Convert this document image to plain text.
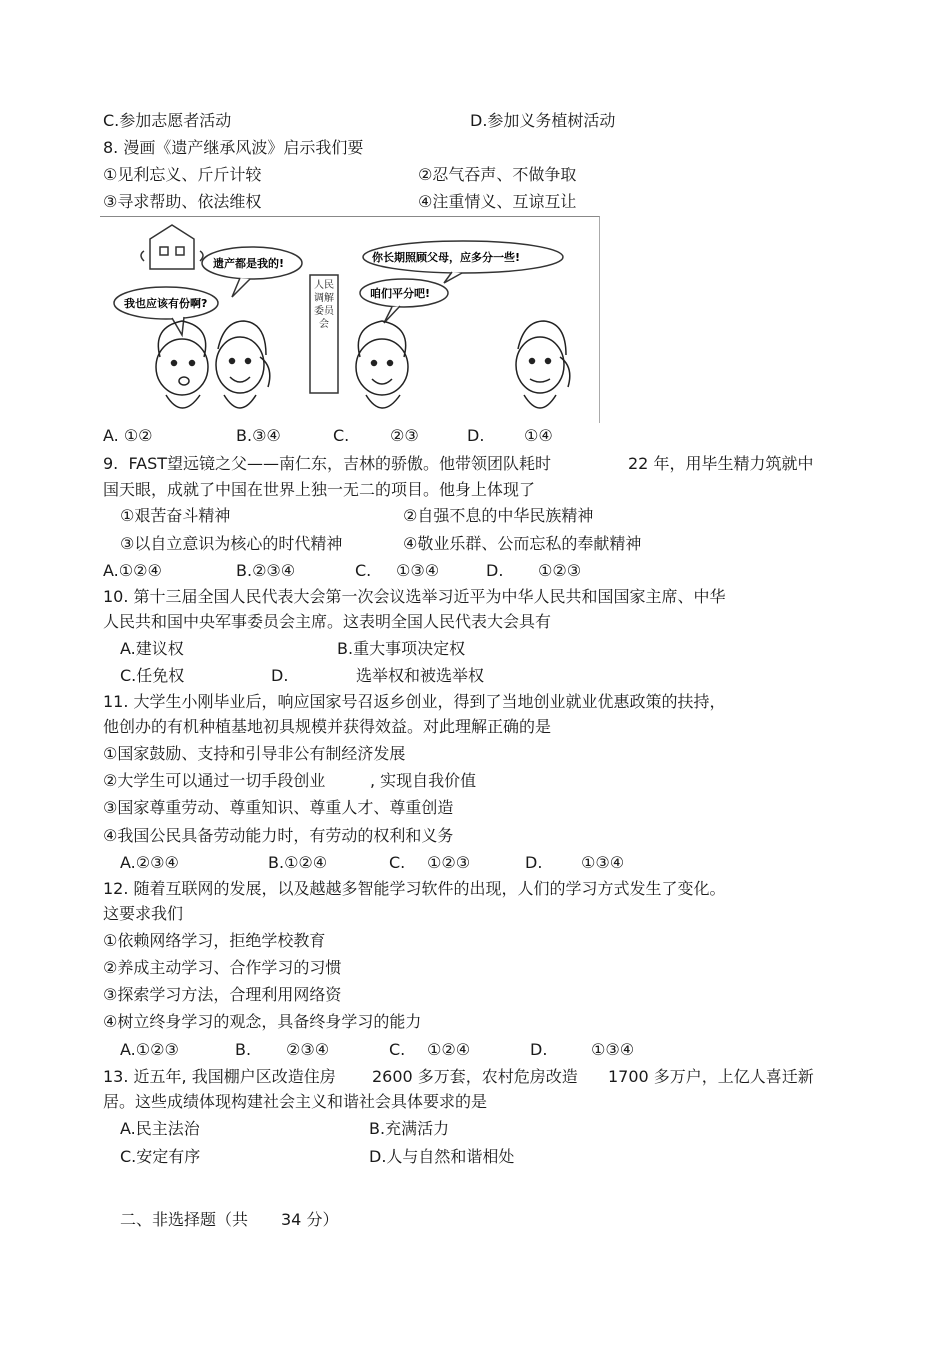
C.参加志愿者活动	D.参加义务植树活动
8. 漫画《遗产继承风波》启示我们要
①见利忘义、斤斤计较	②忍气吞声、不做争取
③寻求帮助、依法维权	④注重情义、互谅互让
遗产都是我的!
我也应该有份啊?
你长期照顾父母，应多分一些!
咱们平分吧!
人民调解委员会
A. ①②	B.③④	C.	②③	D. ①④
9.  FAST望远镜之父——南仁东，吉林的骄傲。他带领团队耗时	22 年，用毕生精力筑就中
国天眼，成就了中国在世界上独一无二的项目。他身上体现了
①艰苦奋斗精神	②自强不息的中华民族精神
③以自立意识为核心的时代精神	④敬业乐群、公而忘私的奉献精神
A.①②④	B.②③④	C. ①③④	D. ①②③
10. 第十三届全国人民代表大会第一次会议选举习近平为中华人民共和国国家主席、中华
人民共和国中央军事委员会主席。这表明全国人民代表大会具有
A.建议权	B.重大事项决定权
C.任免权	D.	选举权和被选举权
11. 大学生小刚毕业后，响应国家号召返乡创业，得到了当地创业就业优惠政策的扶持，
他创办的有机种植基地初具规模并获得效益。对此理解正确的是
①国家鼓励、支持和引导非公有制经济发展
②大学生可以通过一切手段创业	, 实现自我价值
③国家尊重劳动、尊重知识、尊重人才、尊重创造
④我国公民具备劳动能力时，有劳动的权利和义务
A.②③④	B.①②④	C. ①②③	D. ①③④
12. 随着互联网的发展，以及越越多智能学习软件的出现，人们的学习方式发生了变化。
这要求我们
①依赖网络学习，拒绝学校教育
②养成主动学习、合作学习的习惯
③探索学习方法，合理利用网络资
④树立终身学习的观念，具备终身学习的能力
A.①②③	B. ②③④	C. ①②④	D.	①③④
13. 近五年, 我国棚户区改造住房 2600 多万套，农村危房改造 1700 多万户，上亿人喜迁新
居。这些成绩体现构建社会主义和谐社会具体要求的是
A.民主法治	B.充满活力
C.安定有序	D.人与自然和谐相处
二、非选择题（共 34 分）
